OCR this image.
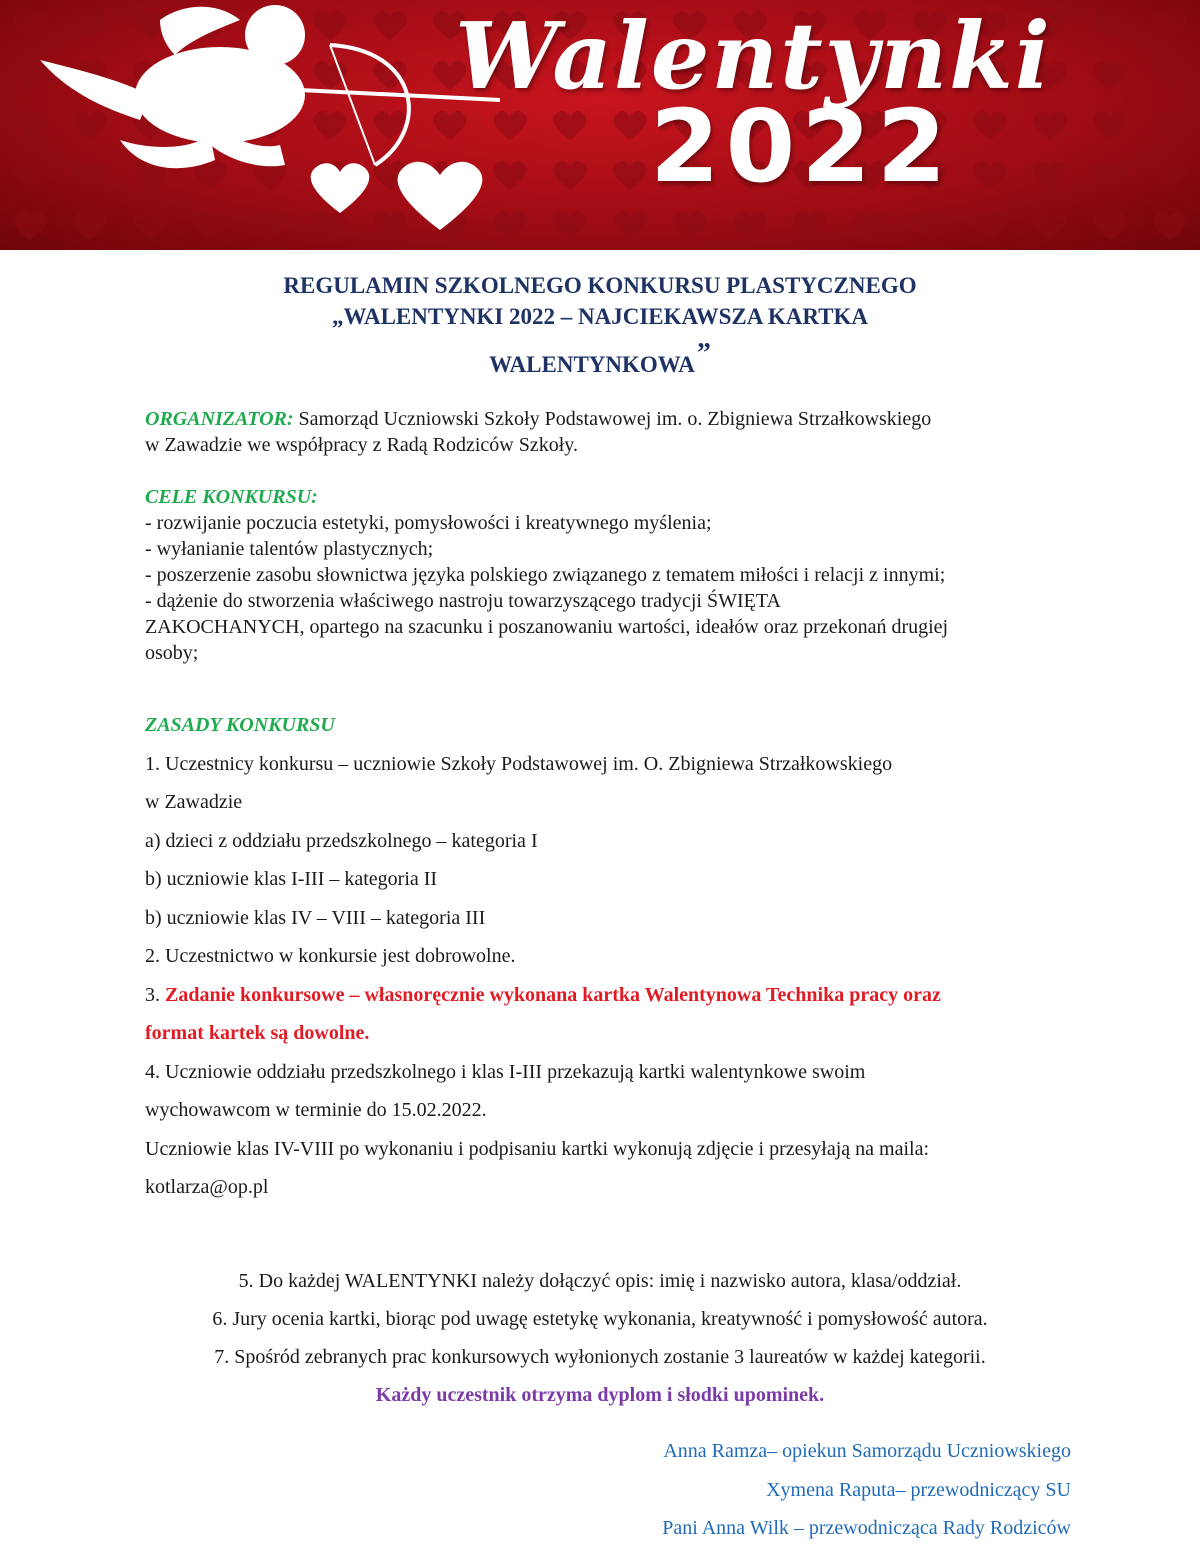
Walentynki
2022
REGULAMIN SZKOLNEGO KONKURSU PLASTYCZNEGO
„WALENTYNKI 2022 – NAJCIEKAWSZA KARTKA
WALENTYNKOWA”

ORGANIZATOR: Samorząd Uczniowski Szkoły Podstawowej im. o. Zbigniewa Strzałkowskiego
w Zawadzie we współpracy z Radą Rodziców Szkoły.

CELE KONKURSU:
- rozwijanie poczucia estetyki, pomysłowości i kreatywnego myślenia;
- wyłanianie talentów plastycznych;
- poszerzenie zasobu słownictwa języka polskiego związanego z tematem miłości i relacji z innymi;
- dążenie do stworzenia właściwego nastroju towarzyszącego tradycji ŚWIĘTA
ZAKOCHANYCH, opartego na szacunku i poszanowaniu wartości, ideałów oraz przekonań drugiej
osoby;
ZASADY KONKURSU
1. Uczestnicy konkursu – uczniowie Szkoły Podstawowej im. O. Zbigniewa Strzałkowskiego
w Zawadzie
a) dzieci z oddziału przedszkolnego – kategoria I
b) uczniowie klas I-III – kategoria II
b) uczniowie klas IV – VIII – kategoria III
2. Uczestnictwo w konkursie jest dobrowolne.
3. Zadanie konkursowe – własnoręcznie wykonana kartka Walentynowa Technika pracy oraz
format kartek są dowolne.
4. Uczniowie oddziału przedszkolnego i klas I-III przekazują kartki walentynkowe swoim
wychowawcom w terminie do 15.02.2022.
Uczniowie klas IV-VIII po wykonaniu i podpisaniu kartki wykonują zdjęcie i przesyłają na maila:
kotlarza@op.pl
5. Do każdej WALENTYNKI należy dołączyć opis: imię i nazwisko autora, klasa/oddział.
6. Jury ocenia kartki, biorąc pod uwagę estetykę wykonania, kreatywność i pomysłowość autora.
7. Spośród zebranych prac konkursowych wyłonionych zostanie 3 laureatów w każdej kategorii.
Każdy uczestnik otrzyma dyplom i słodki upominek.
Anna Ramza– opiekun Samorządu Uczniowskiego
Xymena Raputa– przewodniczący SU
Pani Anna Wilk – przewodnicząca Rady Rodziców
